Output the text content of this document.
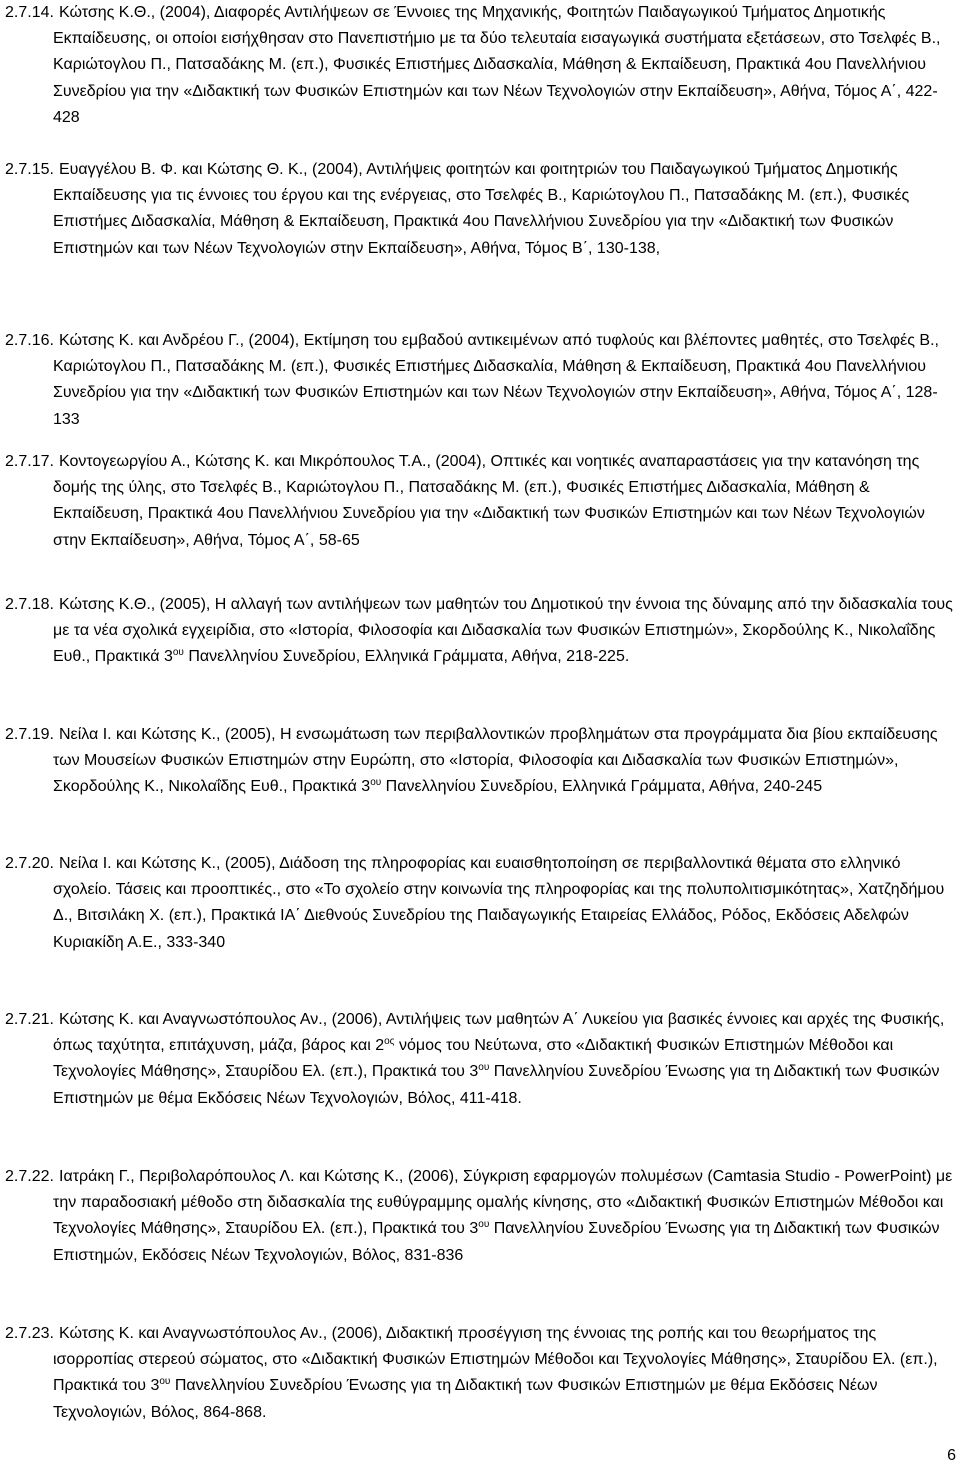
2.7.14. Κώτσης Κ.Θ., (2004), Διαφορές Αντιλήψεων σε Έννοιες της Μηχανικής, Φοιτητών Παιδαγωγικού Τμήματος Δημοτικής Εκπαίδευσης, οι οποίοι εισήχθησαν στο Πανεπιστήμιο με τα δύο τελευταία εισαγωγικά συστήματα εξετάσεων, στο Τσελφές Β., Καριώτογλου Π., Πατσαδάκης Μ. (επ.), Φυσικές Επιστήμες Διδασκαλία, Μάθηση & Εκπαίδευση, Πρακτικά 4ου Πανελλήνιου Συνεδρίου για την «Διδακτική των Φυσικών Επιστημών και των Νέων Τεχνολογιών στην Εκπαίδευση», Αθήνα, Τόμος Α΄, 422-428

2.7.15. Ευαγγέλου Β. Φ. και Κώτσης Θ. Κ., (2004), Αντιλήψεις φοιτητών και φοιτητριών του Παιδαγωγικού Τμήματος Δημοτικής Εκπαίδευσης για τις έννοιες του έργου και της ενέργειας, στο Τσελφές Β., Καριώτογλου Π., Πατσαδάκης Μ. (επ.), Φυσικές Επιστήμες Διδασκαλία, Μάθηση & Εκπαίδευση, Πρακτικά 4ου Πανελλήνιου Συνεδρίου για την «Διδακτική των Φυσικών Επιστημών και των Νέων Τεχνολογιών στην Εκπαίδευση», Αθήνα, Τόμος Β΄, 130-138,

2.7.16. Κώτσης Κ. και Ανδρέου Γ., (2004), Εκτίμηση του εμβαδού αντικειμένων από τυφλούς και βλέποντες μαθητές, στο Τσελφές Β., Καριώτογλου Π., Πατσαδάκης Μ. (επ.), Φυσικές Επιστήμες Διδασκαλία, Μάθηση & Εκπαίδευση, Πρακτικά 4ου Πανελλήνιου Συνεδρίου για την «Διδακτική των Φυσικών Επιστημών και των Νέων Τεχνολογιών στην Εκπαίδευση», Αθήνα, Τόμος Α΄, 128-133

2.7.17. Κοντογεωργίου Α., Κώτσης Κ. και Μικρόπουλος Τ.Α., (2004), Οπτικές και νοητικές αναπαραστάσεις για την κατανόηση της δομής της ύλης, στο Τσελφές Β., Καριώτογλου Π., Πατσαδάκης Μ. (επ.), Φυσικές Επιστήμες Διδασκαλία, Μάθηση & Εκπαίδευση, Πρακτικά 4ου Πανελλήνιου Συνεδρίου για την «Διδακτική των Φυσικών Επιστημών και των Νέων Τεχνολογιών στην Εκπαίδευση», Αθήνα, Τόμος Α΄, 58-65

2.7.18. Κώτσης Κ.Θ., (2005), Η αλλαγή των αντιλήψεων των μαθητών του Δημοτικού την έννοια της δύναμης από την διδασκαλία τους με τα νέα σχολικά εγχειρίδια, στο «Ιστορία, Φιλοσοφία και Διδασκαλία των Φυσικών Επιστημών», Σκορδούλης Κ., Νικολαΐδης Ευθ., Πρακτικά $3^{o\upsilon}$ Πανελληνίου Συνεδρίου, Ελληνικά Γράμματα, Αθήνα, 218-225.

2.7.19. Νείλα Ι. και Κώτσης Κ., (2005), Η ενσωμάτωση των περιβαλλοντικών προβλημάτων στα προγράμματα δια βίου εκπαίδευσης των Μουσείων Φυσικών Επιστημών στην Ευρώπη, στο «Ιστορία, Φιλοσοφία και Διδασκαλία των Φυσικών Επιστημών», Σκορδούλης Κ., Νικολαΐδης Ευθ., Πρακτικά $3^{o\upsilon}$ Πανελληνίου Συνεδρίου, Ελληνικά Γράμματα, Αθήνα, 240-245

2.7.20. Νείλα Ι. και Κώτσης Κ., (2005), Διάδοση της πληροφορίας και ευαισθητοποίηση σε περιβαλλοντικά θέματα στο ελληνικό σχολείο. Τάσεις και προοπτικές., στο «Το σχολείο στην κοινωνία της πληροφορίας και της πολυπολιτισμικότητας», Χατζηδήμου Δ., Βιτσιλάκη Χ. (επ.), Πρακτικά ΙΑ΄ Διεθνούς Συνεδρίου της Παιδαγωγικής Εταιρείας Ελλάδος, Ρόδος, Εκδόσεις Αδελφών Κυριακίδη Α.Ε., 333-340

2.7.21. Κώτσης Κ. και Αναγνωστόπουλος Αν., (2006), Αντιλήψεις των μαθητών Α΄ Λυκείου για βασικές έννοιες και αρχές της Φυσικής, όπως ταχύτητα, επιτάχυνση, μάζα, βάρος και $2^{o\varsigma}$ νόμος του Νεύτωνα, στο «Διδακτική Φυσικών Επιστημών Μέθοδοι και Τεχνολογίες Μάθησης», Σταυρίδου Ελ. (επ.), Πρακτικά του $3^{o\upsilon}$ Πανελληνίου Συνεδρίου Ένωσης για τη Διδακτική των Φυσικών Επιστημών με θέμα Εκδόσεις Νέων Τεχνολογιών, Βόλος, 411-418.

2.7.22. Ιατράκη Γ., Περιβολαρόπουλος Λ. και Κώτσης Κ., (2006), Σύγκριση εφαρμογών πολυμέσων (Camtasia Studio - PowerPoint) με την παραδοσιακή μέθοδο στη διδασκαλία της ευθύγραμμης ομαλής κίνησης, στο «Διδακτική Φυσικών Επιστημών Μέθοδοι και Τεχνολογίες Μάθησης», Σταυρίδου Ελ. (επ.), Πρακτικά του $3^{o\upsilon}$ Πανελληνίου Συνεδρίου Ένωσης για τη Διδακτική των Φυσικών Επιστημών, Εκδόσεις Νέων Τεχνολογιών, Βόλος, 831-836

2.7.23. Κώτσης Κ. και Αναγνωστόπουλος Αν., (2006), Διδακτική προσέγγιση της έννοιας της ροπής και του θεωρήματος της ισορροπίας στερεού σώματος, στο «Διδακτική Φυσικών Επιστημών Μέθοδοι και Τεχνολογίες Μάθησης», Σταυρίδου Ελ. (επ.), Πρακτικά του $3^{o\upsilon}$ Πανελληνίου Συνεδρίου Ένωσης για τη Διδακτική των Φυσικών Επιστημών με θέμα Εκδόσεις Νέων Τεχνολογιών, Βόλος, 864-868.

6
